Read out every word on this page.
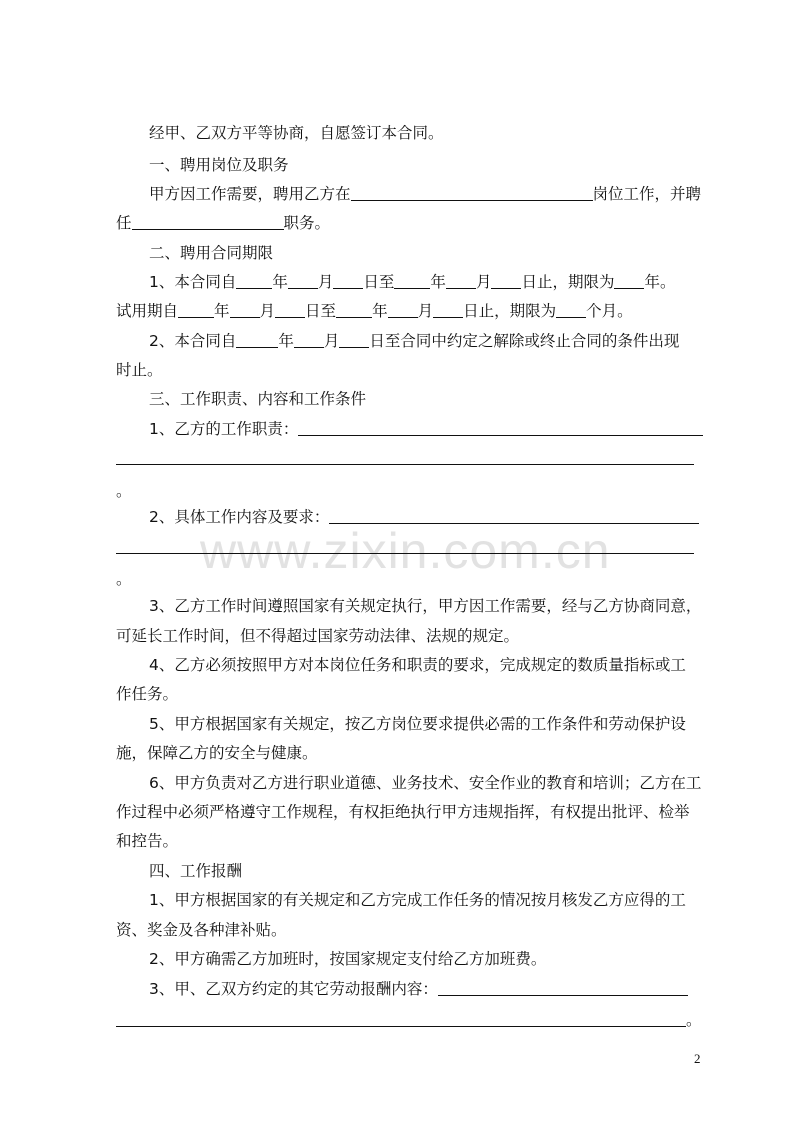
www.zixin.com.cn
经甲、乙双方平等协商，自愿签订本合同。
一、聘用岗位及职务
甲方因工作需要，聘用乙方在	岗位工作，并聘
任	职务。
二、聘用合同期限
1、本合同自 年 月 日至 年 月 日止，期限为 年。
试用期自 年 月 日至 年 月 日止，期限为 个月。
2、本合同自	年 月 日至合同中约定之解除或终止合同的条件出现
时止。
三、工作职责、内容和工作条件
1、乙方的工作职责：
。
2、具体工作内容及要求：
。
3、乙方工作时间遵照国家有关规定执行，甲方因工作需要，经与乙方协商同意，
可延长工作时间，但不得超过国家劳动法律、法规的规定。
4、乙方必须按照甲方对本岗位任务和职责的要求，完成规定的数质量指标或工
作任务。
5、甲方根据国家有关规定，按乙方岗位要求提供必需的工作条件和劳动保护设
施，保障乙方的安全与健康。
6、甲方负责对乙方进行职业道德、业务技术、安全作业的教育和培训；乙方在工
作过程中必须严格遵守工作规程，有权拒绝执行甲方违规指挥，有权提出批评、检举
和控告。
四、工作报酬
1、甲方根据国家的有关规定和乙方完成工作任务的情况按月核发乙方应得的工
资、奖金及各种津补贴。
2、甲方确需乙方加班时，按国家规定支付给乙方加班费。
3、甲、乙双方约定的其它劳动报酬内容：
。
2
